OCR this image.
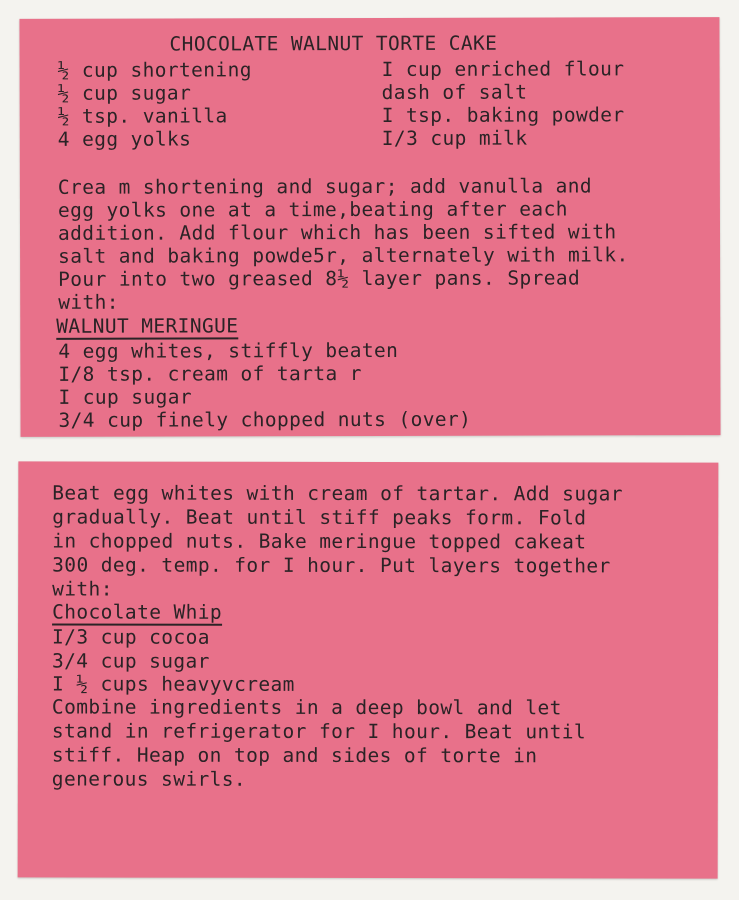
CHOCOLATE WALNUT TORTE CAKE
½ cup shortening
½ cup sugar
½ tsp. vanilla
4 egg yolks
I cup enriched flour
dash of salt
I tsp. baking powder
I/3 cup milk
Crea m shortening and sugar; add vanulla and
egg yolks one at a time,beating after each
addition. Add flour which has been sifted with
salt and baking powde5r, alternately with milk.
Pour into two greased 8½ layer pans. Spread
with:
WALNUT MERINGUE
4 egg whites, stiffly beaten
I/8 tsp. cream of tarta r
I cup sugar
3/4 cup finely chopped nuts (over)
Beat egg whites with cream of tartar. Add sugar
gradually. Beat until stiff peaks form. Fold
in chopped nuts. Bake meringue topped cakeat
300 deg. temp. for I hour. Put layers together
with:
Chocolate Whip
I/3 cup cocoa
3/4 cup sugar
I ½ cups heavyvcream
Combine ingredients in a deep bowl and let
stand in refrigerator for I hour. Beat until
stiff. Heap on top and sides of torte in
generous swirls.
